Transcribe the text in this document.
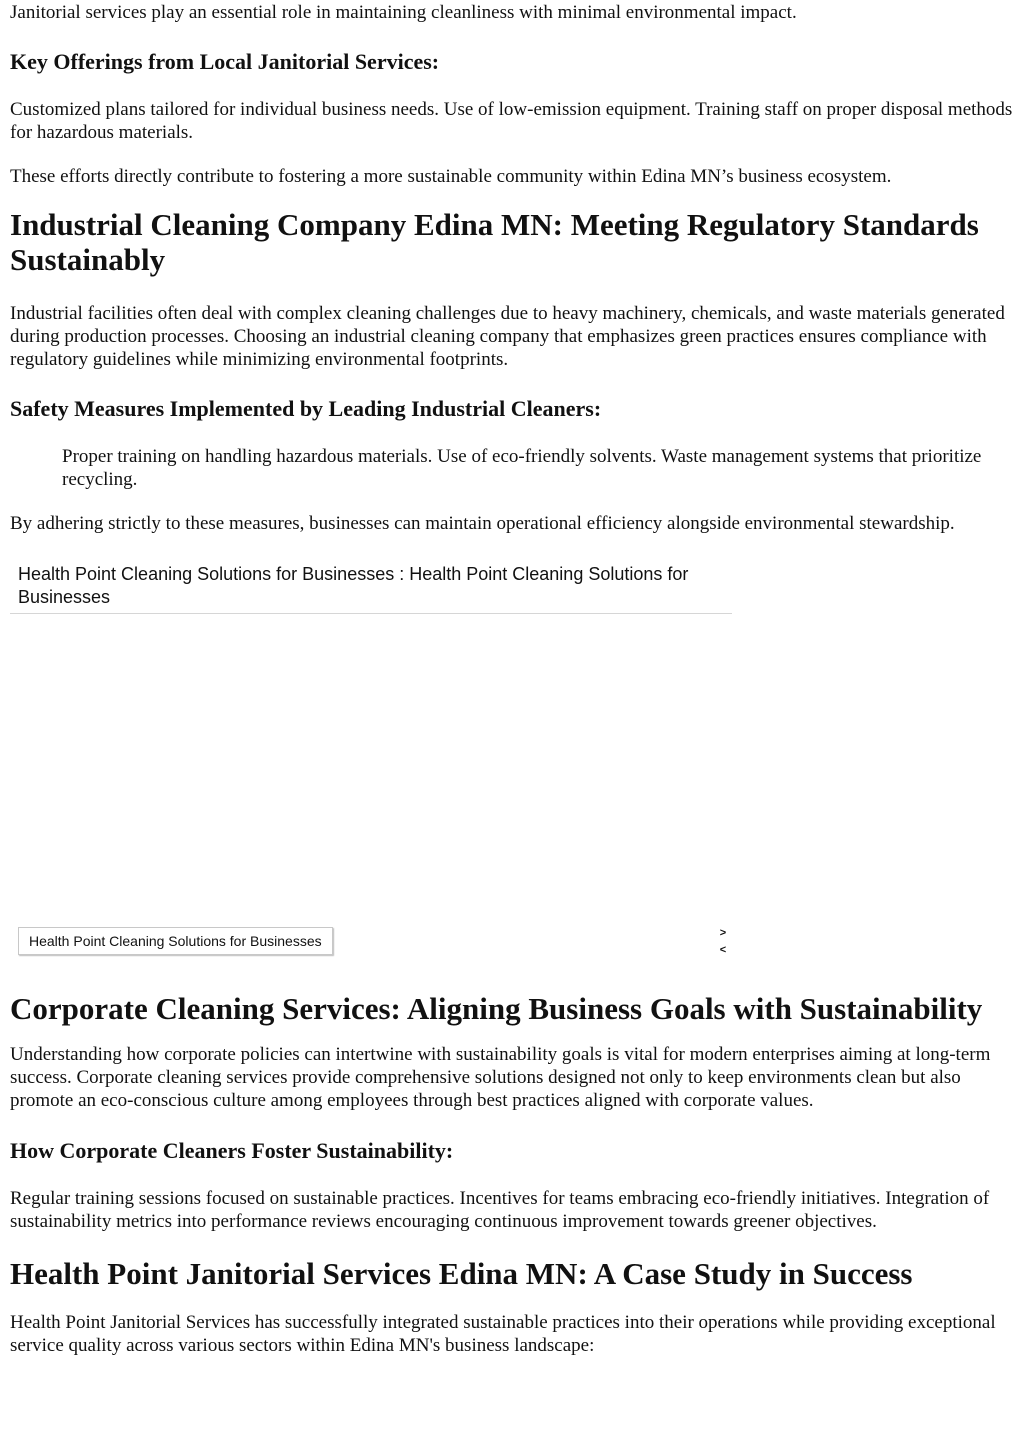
Janitorial services play an essential role in maintaining cleanliness with minimal environmental impact.

Key Offerings from Local Janitorial Services:

Customized plans tailored for individual business needs. Use of low-emission equipment. Training staff on proper disposal methods for hazardous materials.

These efforts directly contribute to fostering a more sustainable community within Edina MN’s business ecosystem.

Industrial Cleaning Company Edina MN: Meeting Regulatory Standards Sustainably

Industrial facilities often deal with complex cleaning challenges due to heavy machinery, chemicals, and waste materials generated during production processes. Choosing an industrial cleaning company that emphasizes green practices ensures compliance with regulatory guidelines while minimizing environmental footprints.

Safety Measures Implemented by Leading Industrial Cleaners:
Proper training on handling hazardous materials. Use of eco-friendly solvents. Waste management systems that prioritize recycling.

By adhering strictly to these measures, businesses can maintain operational efficiency alongside environmental stewardship.

Health Point Cleaning Solutions for Businesses : Health Point Cleaning Solutions for Businesses
Health Point Cleaning Solutions for Businesses	>
<
Corporate Cleaning Services: Aligning Business Goals with Sustainability

Understanding how corporate policies can intertwine with sustainability goals is vital for modern enterprises aiming at long-term success. Corporate cleaning services provide comprehensive solutions designed not only to keep environments clean but also promote an eco-conscious culture among employees through best practices aligned with corporate values.

How Corporate Cleaners Foster Sustainability:

Regular training sessions focused on sustainable practices. Incentives for teams embracing eco-friendly initiatives. Integration of sustainability metrics into performance reviews encouraging continuous improvement towards greener objectives.

Health Point Janitorial Services Edina MN: A Case Study in Success

Health Point Janitorial Services has successfully integrated sustainable practices into their operations while providing exceptional service quality across various sectors within Edina MN's business landscape:
